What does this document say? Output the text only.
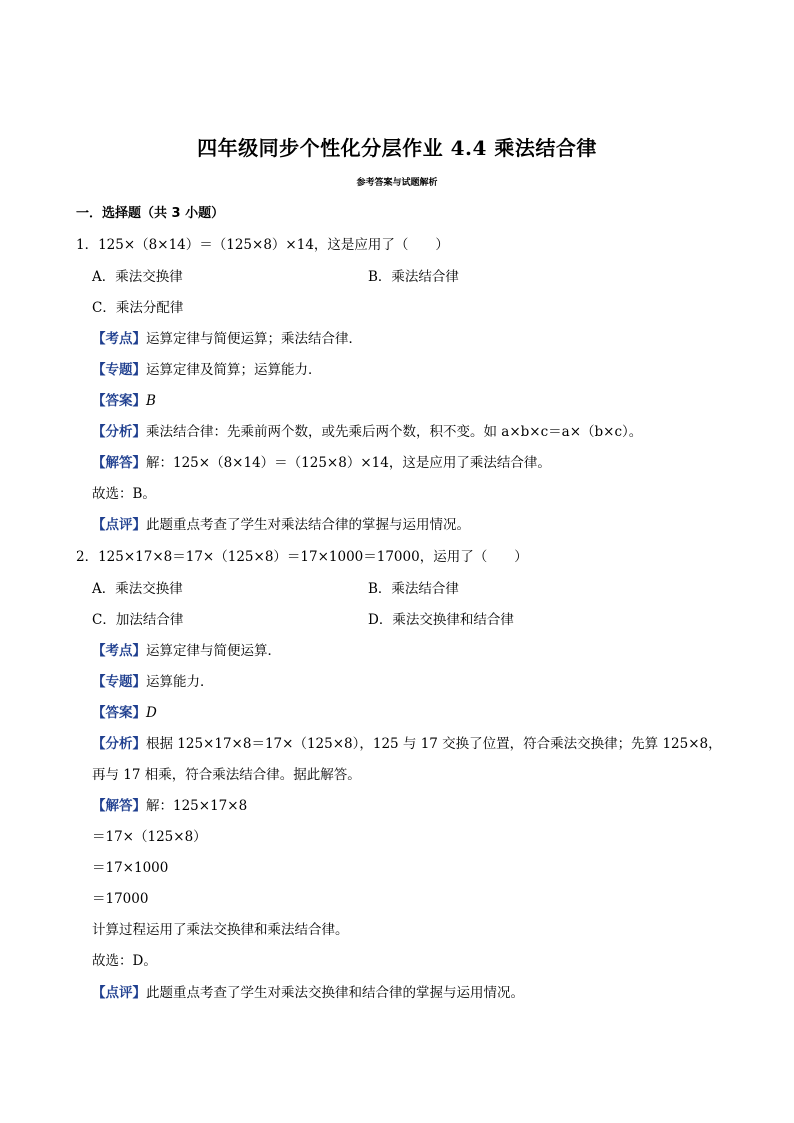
四年级同步个性化分层作业 4.4 乘法结合律
参考答案与试题解析
一．选择题（共 3 小题）
1．125×（8×14）＝（125×8）×14，这是应用了（　　）
A．乘法交换律	B．乘法结合律
C．乘法分配律
【考点】运算定律与简便运算；乘法结合律．
【专题】运算定律及简算；运算能力．
【答案】B
【分析】乘法结合律：先乘前两个数，或先乘后两个数，积不变。如 a×b×c＝a×（b×c）。
【解答】解：125×（8×14）＝（125×8）×14，这是应用了乘法结合律。
故选：B。
【点评】此题重点考查了学生对乘法结合律的掌握与运用情况。
2．125×17×8＝17×（125×8）＝17×1000＝17000，运用了（　　）
A．乘法交换律	B．乘法结合律
C．加法结合律	D．乘法交换律和结合律
【考点】运算定律与简便运算．
【专题】运算能力．
【答案】D
【分析】根据 125×17×8＝17×（125×8），125 与 17 交换了位置，符合乘法交换律；先算 125×8，
再与 17 相乘，符合乘法结合律。据此解答。
【解答】解：125×17×8
＝17×（125×8）
＝17×1000
＝17000
计算过程运用了乘法交换律和乘法结合律。
故选：D。
【点评】此题重点考查了学生对乘法交换律和结合律的掌握与运用情况。
